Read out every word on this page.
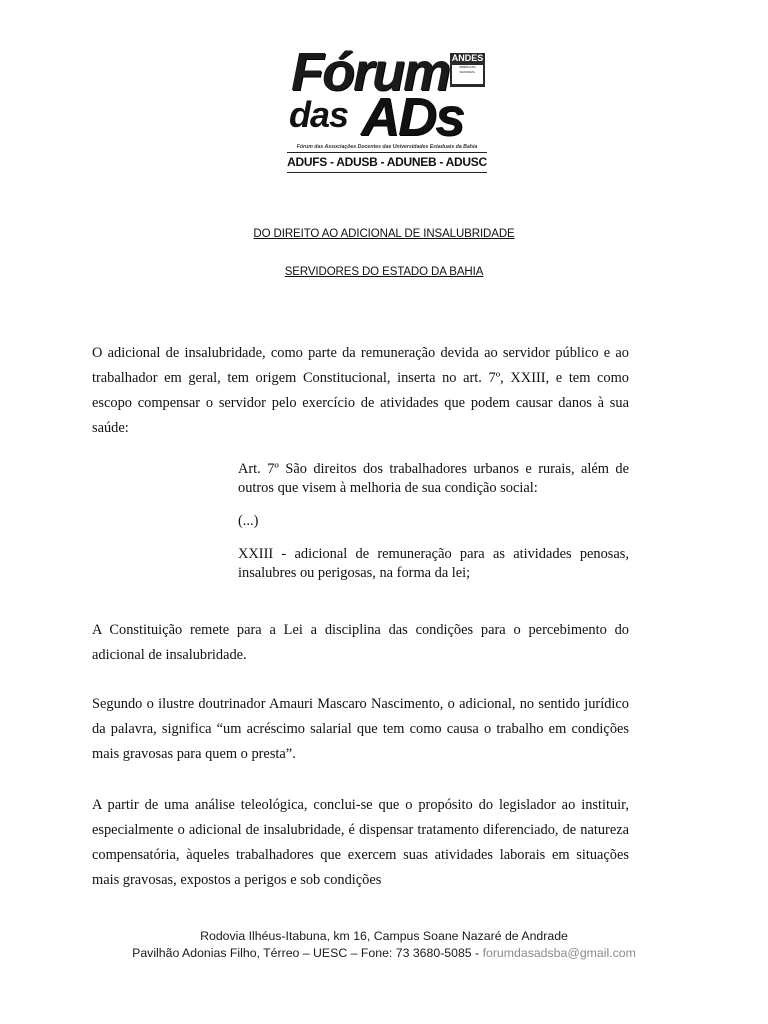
Fórum ANDES
SINDICATO NACIONAL
das ADs
Fórum das Associações Docentes das Universidades Estaduais da Bahia
ADUFS - ADUSB - ADUNEB - ADUSC
DO DIREITO AO ADICIONAL DE INSALUBRIDADE
SERVIDORES DO ESTADO DA BAHIA

O adicional de insalubridade, como parte da remuneração devida ao servidor público e ao trabalhador em geral, tem origem Constitucional, inserta no art. 7º, XXIII, e tem como escopo compensar o servidor pelo exercício de atividades que podem causar danos à sua saúde:

Art. 7º São direitos dos trabalhadores urbanos e rurais, além de outros que visem à melhoria de sua condição social:

(...)

XXIII - adicional de remuneração para as atividades penosas, insalubres ou perigosas, na forma da lei;

A Constituição remete para a Lei a disciplina das condições para o percebimento do adicional de insalubridade.

Segundo o ilustre doutrinador Amauri Mascaro Nascimento, o adicional, no sentido jurídico da palavra, significa “um acréscimo salarial que tem como causa o trabalho em condições mais gravosas para quem o presta”.

A partir de uma análise teleológica, conclui-se que o propósito do legislador ao instituir, especialmente o adicional de insalubridade, é dispensar tratamento diferenciado, de natureza compensatória, àqueles trabalhadores que exercem suas atividades laborais em situações mais gravosas, expostos a perigos e sob condições

Rodovia Ilhéus-Itabuna, km 16, Campus Soane Nazaré de Andrade
Pavilhão Adonias Filho, Térreo – UESC – Fone: 73 3680-5085 - forumdasadsba@gmail.com
